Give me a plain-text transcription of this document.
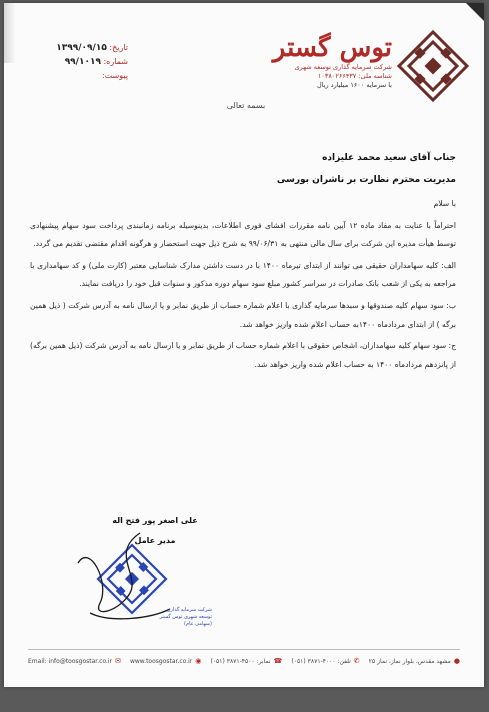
توس گستر
شرکت سرمایه گذاری توسعه شهری
شناسه ملی: ۱۰۳۸۰۲۶۶۴۳۷
با سرمایه ۱۶۰۰ میلیارد ریال
تاریخ: ۱۳۹۹/۰۹/۱۵
شماره: ۹۹/۱۰۱۹
پیوست:
بسمه تعالی
جناب آقای سعید محمد علیزاده
مدیریت محترم نظارت بر ناشران بورسی

با سلام

احتراماً با عنایت به مفاد ماده ۱۲ آیین نامه مقررات افشای فوری اطلاعات، بدینوسیله برنامه زمانبندی پرداخت سود سهام پیشنهادی توسط هیأت مدیره این شرکت برای سال مالی منتهی به ۹۹/۰۶/۳۱ به شرح ذیل جهت استحضار و هرگونه اقدام مقتضی تقدیم می گردد.

الف: کلیه سهامداران حقیقی می توانند از ابتدای تیرماه ۱۴۰۰ با در دست داشتن مدارک شناسایی معتبر (کارت ملی) و کد سهامداری با مراجعه به یکی از شعب بانک صادرات در سراسر کشور مبلغ سود سهام دوره مذکور و سنوات قبل خود را دریافت نمایند.

ب: سود سهام کلیه صندوقها و سبدها سرمایه گذاری با اعلام شماره حساب از طریق نمابر و یا ارسال نامه به آدرس شرکت ( ذیل همین برگه ) از ابتدای مردادماه ۱۴۰۰به حساب اعلام شده واریز خواهد شد.

ج: سود سهام کلیه سهامداران، اشخاص حقوقی با اعلام شماره حساب از طریق نمابر و یا ارسال نامه به آدرس شرکت (ذیل همین برگه) از پانزدهم مردادماه ۱۴۰۰ به حساب اعلام شده واریز خواهد شد.

علی اصغر پور فتح اله
مدیر عامل
شرکت سرمایه گذاری توسعه شهری توس گستر (سهامی عام)
●
مشهد مقدس، بلوار نماز، نماز ۲۵
✆
تلفن: ۴۰۰۰-۳۸۷۱ (۰۵۱)
☎
نمابر: ۴۵۰۰-۳۸۷۱ (۰۵۱)
◉
www.toosgostar.co.ir
✉
Email: info@toosgostar.co.ir
